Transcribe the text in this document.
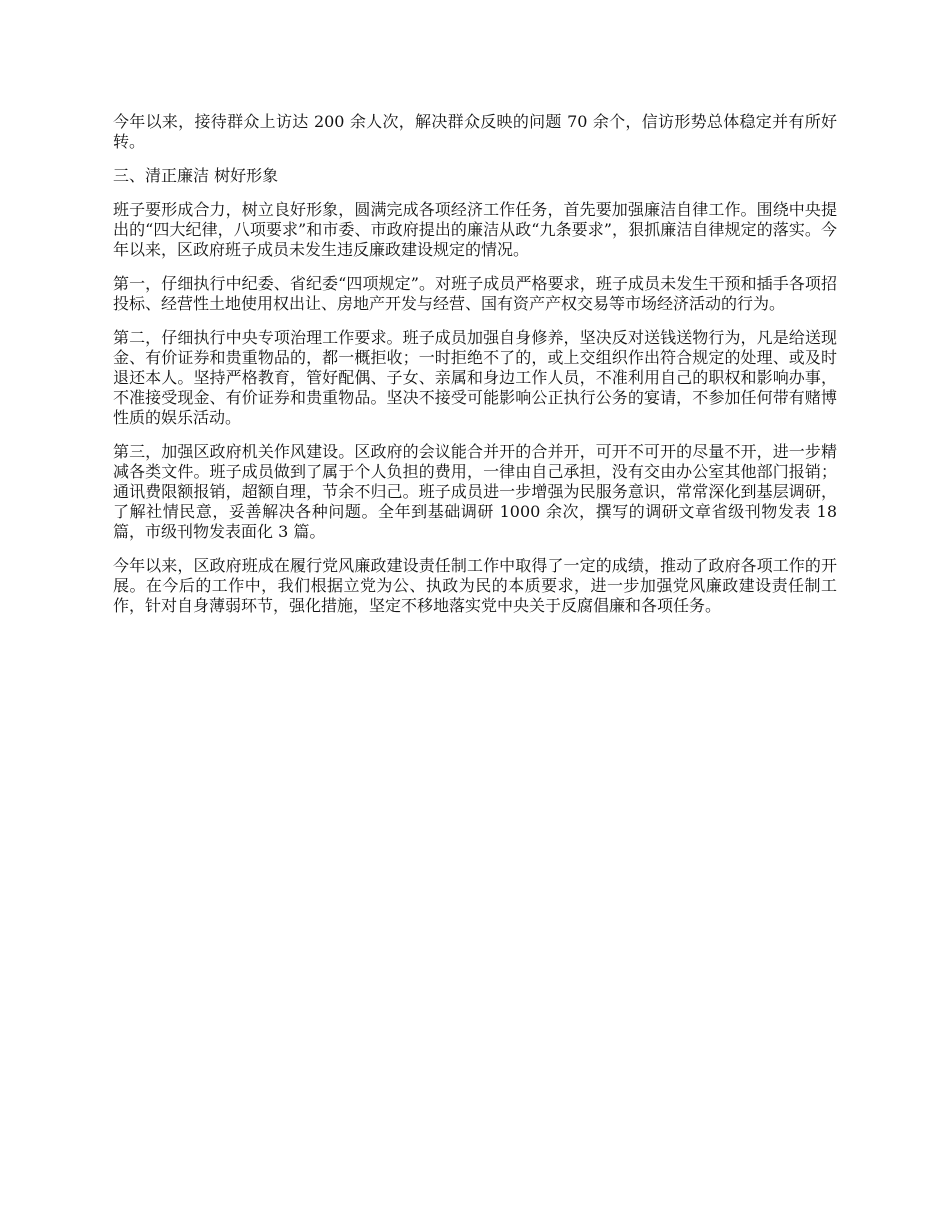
今年以来，接待群众上访达 200 余人次，解决群众反映的问题 70 余个，信访形势总体稳定并有所好转。

三、清正廉洁 树好形象

班子要形成合力，树立良好形象，圆满完成各项经济工作任务，首先要加强廉洁自律工作。围绕中央提出的“四大纪律，八项要求”和市委、市政府提出的廉洁从政“九条要求”，狠抓廉洁自律规定的落实。今年以来，区政府班子成员未发生违反廉政建设规定的情况。

第一，仔细执行中纪委、省纪委“四项规定”。对班子成员严格要求，班子成员未发生干预和插手各项招投标、经营性土地使用权出让、房地产开发与经营、国有资产产权交易等市场经济活动的行为。

第二，仔细执行中央专项治理工作要求。班子成员加强自身修养，坚决反对送钱送物行为，凡是给送现金、有价证券和贵重物品的，都一概拒收；一时拒绝不了的，或上交组织作出符合规定的处理、或及时退还本人。坚持严格教育，管好配偶、子女、亲属和身边工作人员，不准利用自己的职权和影响办事，不准接受现金、有价证券和贵重物品。坚决不接受可能影响公正执行公务的宴请，不参加任何带有赌博性质的娱乐活动。

第三，加强区政府机关作风建设。区政府的会议能合并开的合并开，可开不可开的尽量不开，进一步精减各类文件。班子成员做到了属于个人负担的费用，一律由自己承担，没有交由办公室其他部门报销；通讯费限额报销，超额自理，节余不归己。班子成员进一步增强为民服务意识，常常深化到基层调研，了解社情民意，妥善解决各种问题。全年到基础调研 1000 余次，撰写的调研文章省级刊物发表 18 篇，市级刊物发表面化 3 篇。

今年以来，区政府班成在履行党风廉政建设责任制工作中取得了一定的成绩，推动了政府各项工作的开展。在今后的工作中，我们根据立党为公、执政为民的本质要求，进一步加强党风廉政建设责任制工作，针对自身薄弱环节，强化措施，坚定不移地落实党中央关于反腐倡廉和各项任务。
